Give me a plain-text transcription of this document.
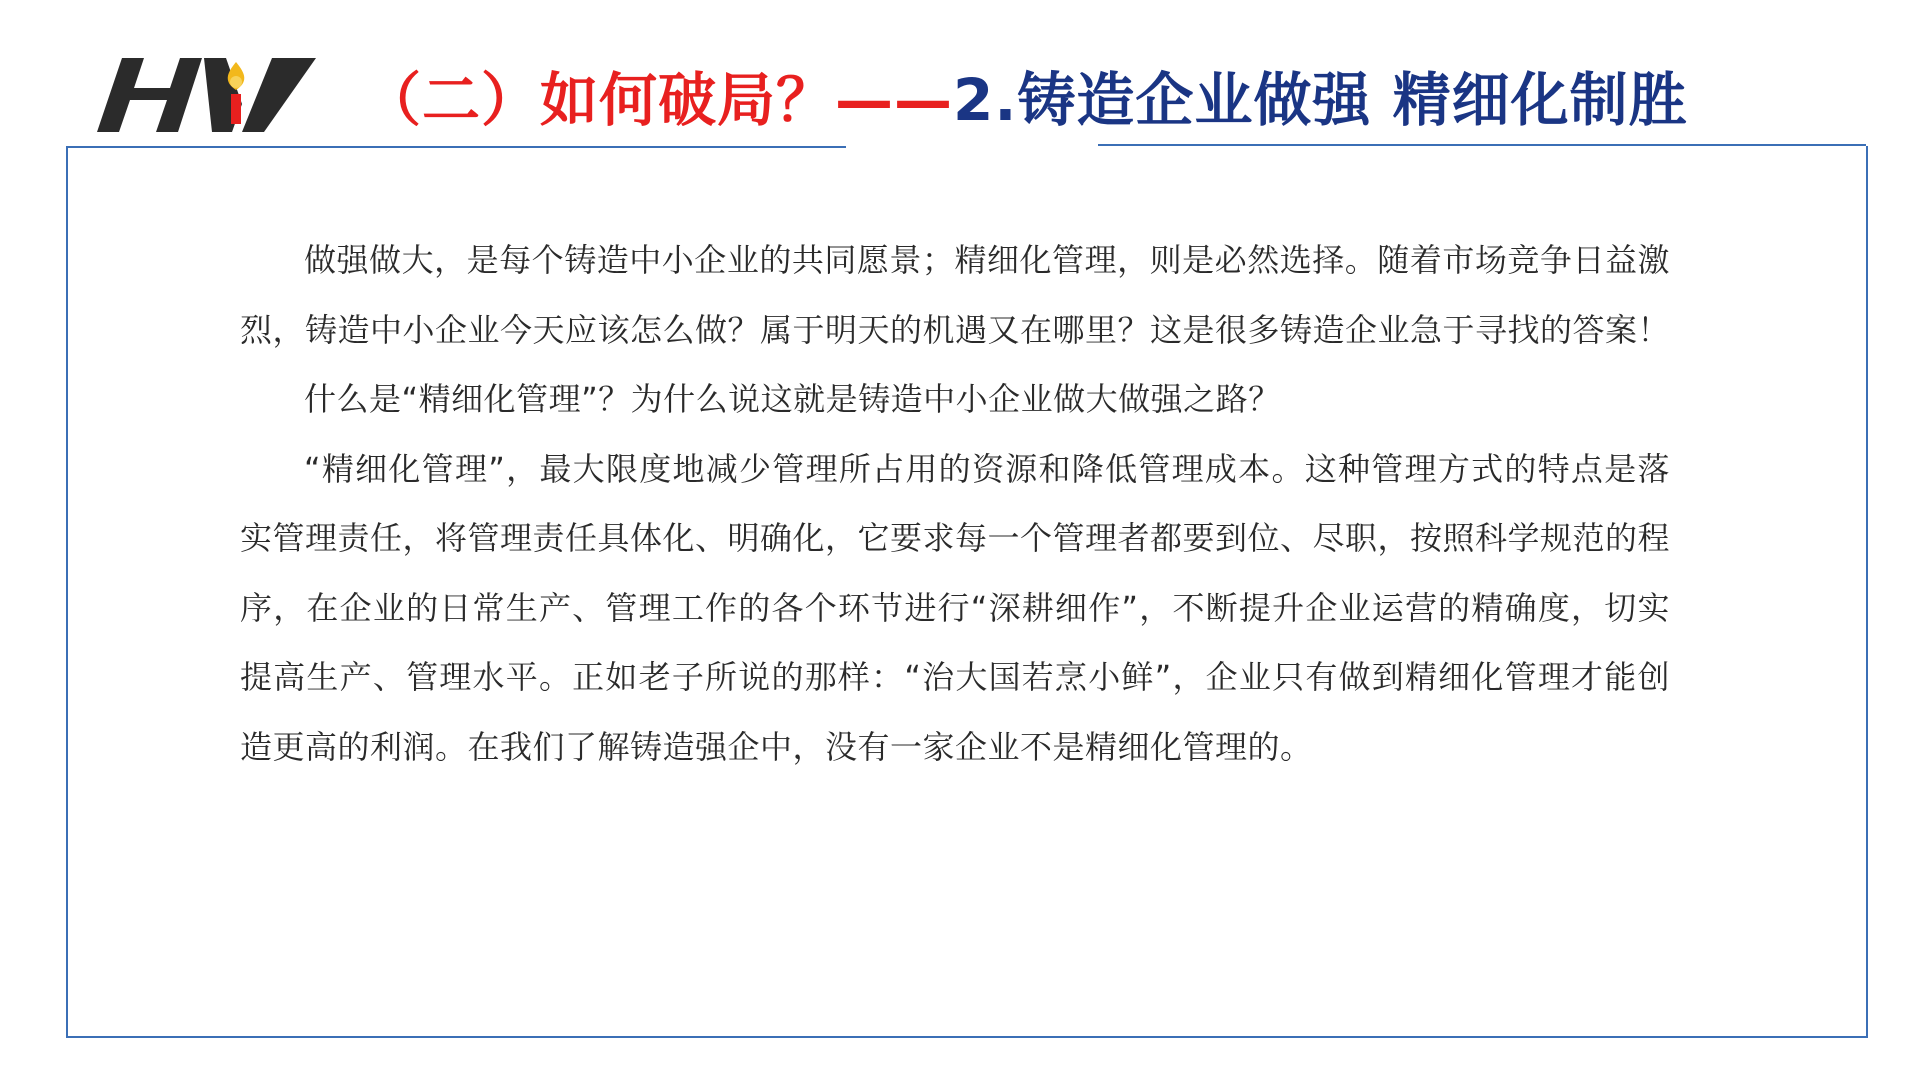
（二）如何破局？——2.铸造企业做强 精细化制胜

做强做大，是每个铸造中小企业的共同愿景；精细化管理，则是必然选择。随着市场竞争日益激烈，铸造中小企业今天应该怎么做？属于明天的机遇又在哪里？这是很多铸造企业急于寻找的答案！

什么是“精细化管理”？为什么说这就是铸造中小企业做大做强之路？

“精细化管理”，最大限度地减少管理所占用的资源和降低管理成本。这种管理方式的特点是落实管理责任，将管理责任具体化、明确化，它要求每一个管理者都要到位、尽职，按照科学规范的程序，在企业的日常生产、管理工作的各个环节进行“深耕细作”，不断提升企业运营的精确度，切实提高生产、管理水平。正如老子所说的那样：“治大国若烹小鲜”，企业只有做到精细化管理才能创造更高的利润。在我们了解铸造强企中，没有一家企业不是精细化管理的。
